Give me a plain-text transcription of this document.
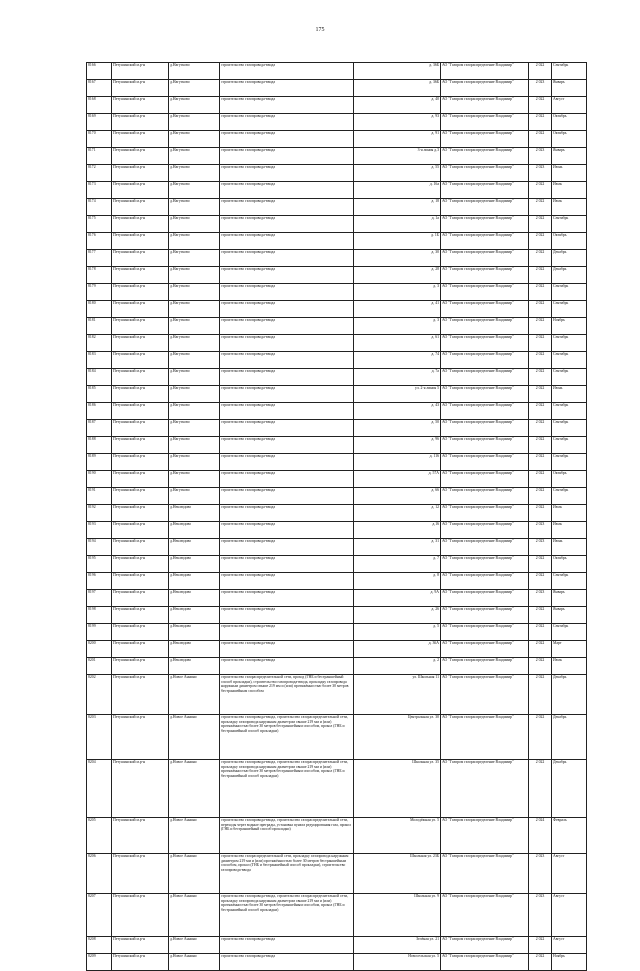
175
8166	Петушинский м.р-н	д.Нагутково	строительство газопровода-ввода	д. 36Б	АО "Газпром газораспределение Владимир"	2 022	Сентябрь
8167	Петушинский м.р-н	д.Нагутково	строительство газопровода-ввода	д. 36Б	АО "Газпром газораспределение Владимир"	2 023	Январь
8168	Петушинский м.р-н	д.Нагутково	строительство газопровода-ввода	д. 40	АО "Газпром газораспределение Владимир"	2 022	Август
8169	Петушинский м.р-н	д.Нагутково	строительство газопровода-ввода	д. 93	АО "Газпром газораспределение Владимир"	2 022	Октябрь
8170	Петушинский м.р-н	д.Нагутково	строительство газопровода-ввода	д. 91	АО "Газпром газораспределение Владимир"	2 022	Октябрь
8171	Петушинский м.р-н	д.Нагутково	строительство газопровода-ввода	3-я линия д.3	АО "Газпром газораспределение Владимир"	2 023	Январь
8172	Петушинский м.р-н	д.Нагутково	строительство газопровода-ввода	д. 55	АО "Газпром газораспределение Владимир"	2 023	Июнь
8173	Петушинский м.р-н	д.Нагутково	строительство газопровода-ввода	д. 16а	АО "Газпром газораспределение Владимир"	2 022	Июль
8174	Петушинский м.р-н	д.Нагутково	строительство газопровода-ввода	д. 18	АО "Газпром газораспределение Владимир"	2 022	Июль
8175	Петушинский м.р-н	д.Нагутково	строительство газопровода-ввода	д. 1а	АО "Газпром газораспределение Владимир"	2 022	Сентябрь
8176	Петушинский м.р-н	д.Нагутково	строительство газопровода-ввода	д. 1Б	АО "Газпром газораспределение Владимир"	2 022	Октябрь
8177	Петушинский м.р-н	д.Нагутково	строительство газопровода-ввода	д. 30	АО "Газпром газораспределение Владимир"	2 022	Декабрь
8178	Петушинский м.р-н	д.Нагутково	строительство газопровода-ввода	д. 28	АО "Газпром газораспределение Владимир"	2 022	Декабрь
8179	Петушинский м.р-н	д.Нагутково	строительство газопровода-ввода	д. 3	АО "Газпром газораспределение Владимир"	2 022	Сентябрь
8180	Петушинский м.р-н	д.Нагутково	строительство газопровода-ввода	д. 41	АО "Газпром газораспределение Владимир"	2 022	Сентябрь
8181	Петушинский м.р-н	д.Нагутково	строительство газопровода-ввода	д. 3	АО "Газпром газораспределение Владимир"	2 022	Ноябрь
8182	Петушинский м.р-н	д.Нагутково	строительство газопровода-ввода	д. 61	АО "Газпром газораспределение Владимир"	2 022	Сентябрь
8183	Петушинский м.р-н	д.Нагутково	строительство газопровода-ввода	д. 74	АО "Газпром газораспределение Владимир"	2 022	Сентябрь
8184	Петушинский м.р-н	д.Нагутково	строительство газопровода-ввода	д. 7а	АО "Газпром газораспределение Владимир"	2 022	Сентябрь
8185	Петушинский м.р-н	д.Нагутково	строительство газопровода-ввода	ул. 2-я линия 5	АО "Газпром газораспределение Владимир"	2 022	Июнь
8186	Петушинский м.р-н	д.Нагутково	строительство газопровода-ввода	д. 43	АО "Газпром газораспределение Владимир"	2 022	Сентябрь
8187	Петушинский м.р-н	д.Нагутково	строительство газопровода-ввода	д. 50	АО "Газпром газораспределение Владимир"	2 022	Сентябрь
8188	Петушинский м.р-н	д.Нагутково	строительство газопровода-ввода	д. 96	АО "Газпром газораспределение Владимир"	2 022	Сентябрь
8189	Петушинский м.р-н	д.Нагутково	строительство газопровода-ввода	д. 116	АО "Газпром газораспределение Владимир"	2 022	Сентябрь
8190	Петушинский м.р-н	д.Нагутково	строительство газопровода-ввода	д. 57А	АО "Газпром газораспределение Владимир"	2 022	Октябрь
8191	Петушинский м.р-н	д.Нагутково	строительство газопровода-ввода	д. 66	АО "Газпром газораспределение Владимир"	2 022	Сентябрь
8192	Петушинский м.р-н	д.Неклюдово	строительство газопровода-ввода	д. 12	АО "Газпром газораспределение Владимир"	2 022	Июль
8193	Петушинский м.р-н	д.Неклюдово	строительство газопровода-ввода	д.16	АО "Газпром газораспределение Владимир"	2 023	Июль
8194	Петушинский м.р-н	д.Неклюдово	строительство газопровода-ввода	д. 31	АО "Газпром газораспределение Владимир"	2 023	Июнь
8195	Петушинский м.р-н	д.Неклюдово	строительство газопровода-ввода	д. 7	АО "Газпром газораспределение Владимир"	2 022	Октябрь
8196	Петушинский м.р-н	д.Неклюдово	строительство газопровода-ввода	д. 8	АО "Газпром газораспределение Владимир"	2 022	Сентябрь
8197	Петушинский м.р-н	д.Неклюдово	строительство газопровода-ввода	д. 9А	АО "Газпром газораспределение Владимир"	2 023	Январь
8198	Петушинский м.р-н	д.Неклюдово	строительство газопровода-ввода	д. 26	АО "Газпром газораспределение Владимир"	2 022	Январь
8199	Петушинский м.р-н	д.Неклюдово	строительство газопровода-ввода	д. 5	АО "Газпром газораспределение Владимир"	2 022	Сентябрь
8200	Петушинский м.р-н	д.Неклюдово	строительство газопровода-ввода	д. 36А	АО "Газпром газораспределение Владимир"	2 022	Март
8201	Петушинский м.р-н	д.Неклюдово	строительство газопровода-ввода	д. 2	АО "Газпром газораспределение Владимир"	2 022	Июль
8202	Петушинский м.р-н	д.Новое Аннино	строительство газораспределительной сети, проход (ГНБ и бестраншейный способ прокладки), строительство газопровода-ввода, прокладку газопровода наружным диаметром свыше 219 мм и (или) протяжённостью более 30 метров бестраншейным способом	ул. Школьная 11	АО "Газпром газораспределение Владимир"	2 022	Декабрь
8203	Петушинский м.р-н	д.Новое Аннино	строительство газопровода-ввода, строительство газораспределительной сети, прокладку газопровода наружным диаметром свыше 219 мм и (или) протяжённостью более 30 метров бестраншейным способом, прокол (ГНБ и бестраншейный способ прокладки)	Центральная ул. 30	АО "Газпром газораспределение Владимир"	2 022	Декабрь
8204	Петушинский м.р-н	д.Новое Аннино	строительство газопровода-ввода, строительство газораспределительной сети, прокладку газопровода наружным диаметром свыше 219 мм и (или) протяжённостью более 30 метров бестраншейным способом, прокол (ГНБ и бестраншейный способ прокладки)	Школьная ул. 35	АО "Газпром газораспределение Владимир"	2 022	Декабрь
8205	Петушинский м.р-н	д.Новое Аннино	строительство газопровода-ввода, строительство газораспределительной сети, переходы через водные преграды, установка пункта редуцирования газа, прокол (ГНБ и бестраншейный способ прокладки)	Молодёжная ул. 5	АО "Газпром газораспределение Владимир"	2 024	Февраль
8206	Петушинский м.р-н	д.Новое Аннино	строительство газораспределительной сети, прокладку газопровода наружным диаметром 219 мм и (или) протяжённостью более 30 метров бестраншейным способом, прокол (ГНБ и бестраншейный способ прокладки), строительство газопровода-ввода	Школьная ул. 23Б	АО "Газпром газораспределение Владимир"	2 023	Август
8207	Петушинский м.р-н	д.Новое Аннино	строительство газопровода-ввода, строительство газораспределительной сети, прокладку газопровода наружным диаметром свыше 219 мм и (или) протяжённостью более 30 метров бестраншейным способом, прокол (ГНБ и бестраншейный способ прокладки)	Школьная ул. 9	АО "Газпром газораспределение Владимир"	2 023	Август
8208	Петушинский м.р-н	д.Новое Аннино	строительство газопровода-ввода	Зелёная ул. 21	АО "Газпром газораспределение Владимир"	2 022	Август
8209	Петушинский м.р-н	д.Новое Аннино	строительство газопровода-ввода	Новосельская ул. 5	АО "Газпром газораспределение Владимир"	2 022	Ноябрь
